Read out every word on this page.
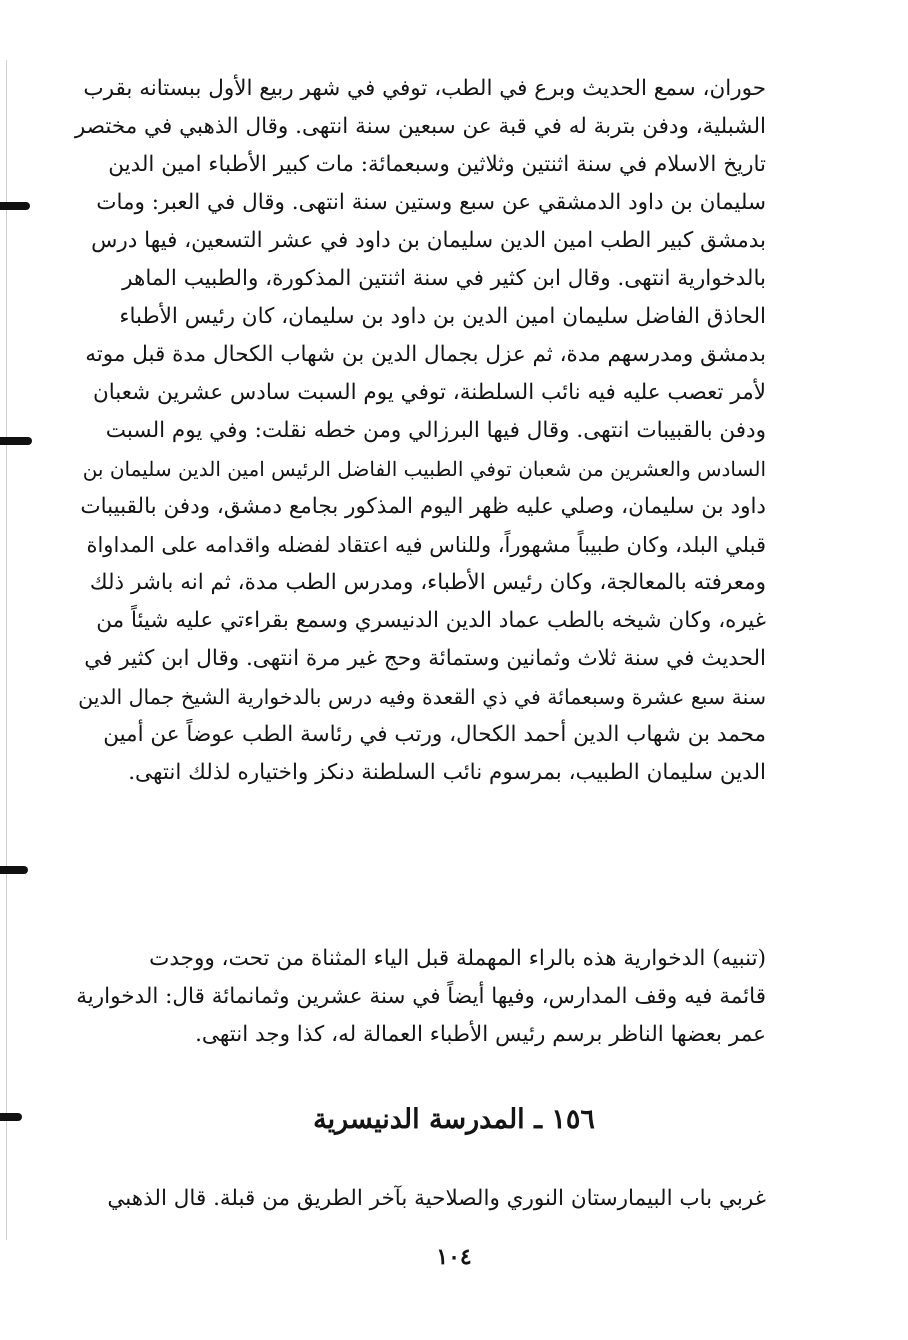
حوران، سمع الحديث وبرع في الطب، توفي في شهر ربيع الأول ببستانه بقرب
الشبلية، ودفن بتربة له في قبة عن سبعين سنة انتهى. وقال الذهبي في مختصر
تاريخ الاسلام في سنة اثنتين وثلاثين وسبعمائة: مات كبير الأطباء امين الدين
سليمان بن داود الدمشقي عن سبع وستين سنة انتهى. وقال في العبر: ومات
بدمشق كبير الطب امين الدين سليمان بن داود في عشر التسعين، فيها درس
بالدخوارية انتهى. وقال ابن كثير في سنة اثنتين المذكورة، والطبيب الماهر
الحاذق الفاضل سليمان امين الدين بن داود بن سليمان، كان رئيس الأطباء
بدمشق ومدرسهم مدة، ثم عزل بجمال الدين بن شهاب الكحال مدة قبل موته
لأمر تعصب عليه فيه نائب السلطنة، توفي يوم السبت سادس عشرين شعبان
ودفن بالقبيبات انتهى. وقال فيها البرزالي ومن خطه نقلت: وفي يوم السبت
السادس والعشرين من شعبان توفي الطبيب الفاضل الرئيس امين الدين سليمان بن
داود بن سليمان، وصلي عليه ظهر اليوم المذكور بجامع دمشق، ودفن بالقبيبات
قبلي البلد، وكان طبيباً مشهوراً، وللناس فيه اعتقاد لفضله واقدامه على المداواة
ومعرفته بالمعالجة، وكان رئيس الأطباء، ومدرس الطب مدة، ثم انه باشر ذلك
غيره، وكان شيخه بالطب عماد الدين الدنيسري وسمع بقراءتي عليه شيئاً من
الحديث في سنة ثلاث وثمانين وستمائة وحج غير مرة انتهى. وقال ابن كثير في
سنة سبع عشرة وسبعمائة في ذي القعدة وفيه درس بالدخوارية الشيخ جمال الدين
محمد بن شهاب الدين أحمد الكحال، ورتب في رئاسة الطب عوضاً عن أمين
الدين سليمان الطبيب، بمرسوم نائب السلطنة دنكز واختياره لذلك انتهى.
(تنبيه) الدخوارية هذه بالراء المهملة قبل الياء المثناة من تحت، ووجدت
قائمة فيه وقف المدارس، وفيها أيضاً في سنة عشرين وثمانمائة قال: الدخوارية
عمر بعضها الناظر برسم رئيس الأطباء العمالة له، كذا وجد انتهى.
١٥٦ ـ المدرسة الدنيسرية
غربي باب البيمارستان النوري والصلاحية بآخر الطريق من قبلة. قال الذهبي
١٠٤
